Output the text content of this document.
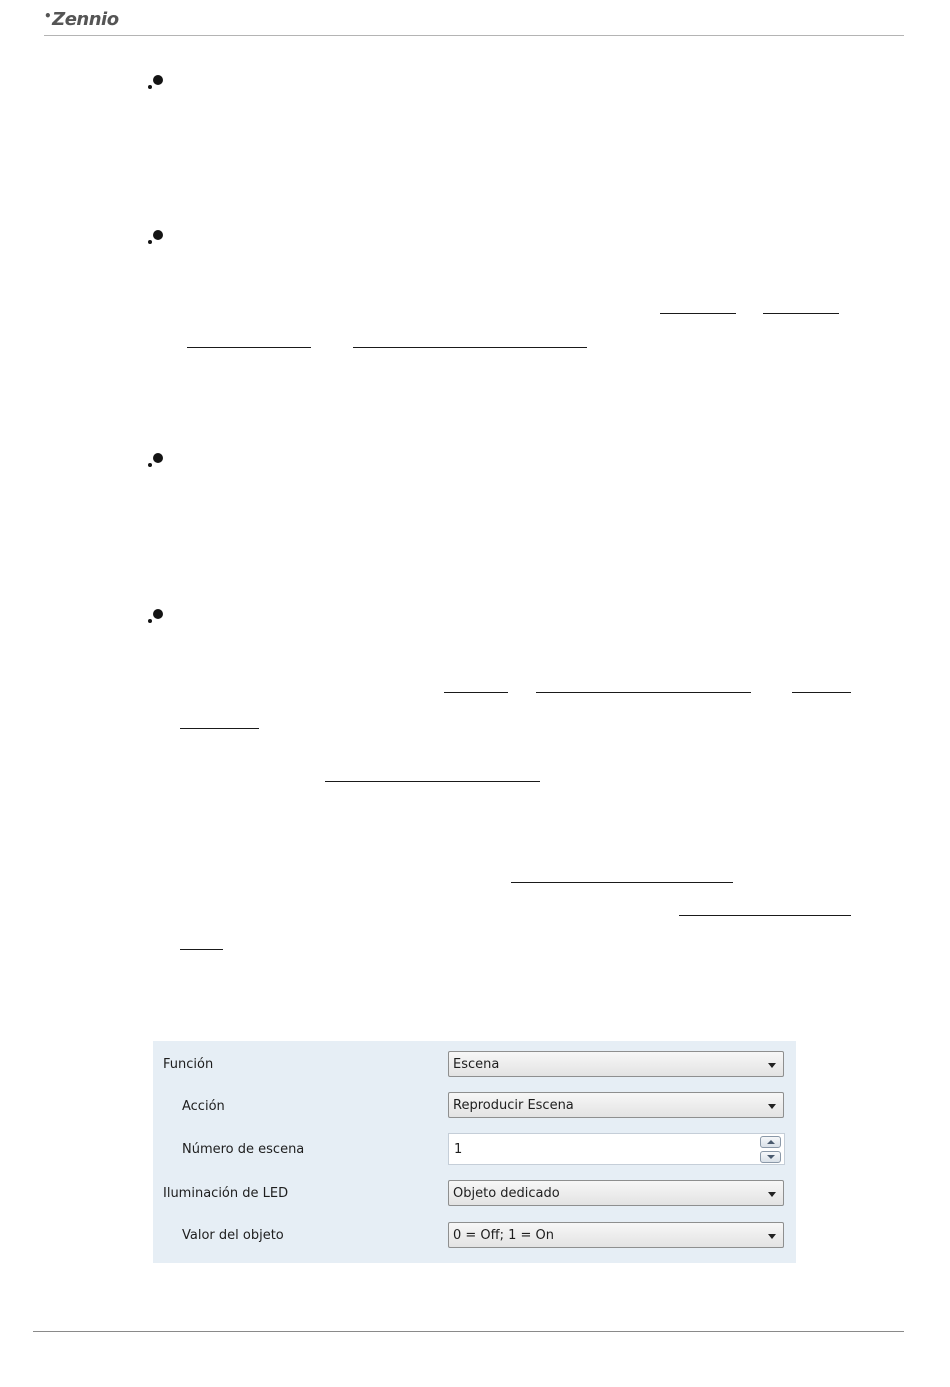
•Zennio
Función	Escena
Acción	Reproducir Escena
Número de escena	1
Iluminación de LED	Objeto dedicado
Valor del objeto	0 = Off; 1 = On
